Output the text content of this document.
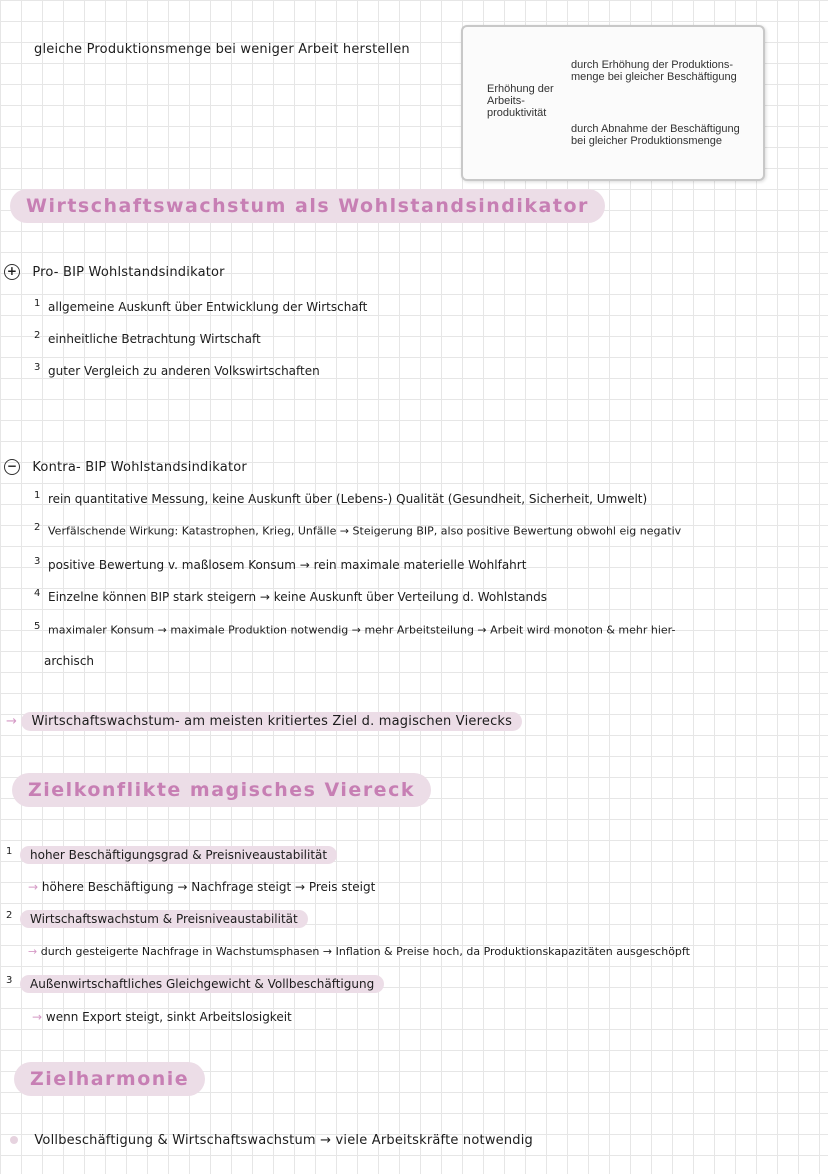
gleiche Produktionsmenge bei weniger Arbeit herstellen
Erhöhung der Arbeits-produktivität
durch Erhöhung der Produktions-menge bei gleicher Beschäftigung
durch Abnahme der Beschäftigung bei gleicher Produktionsmenge
Wirtschaftswachstum als Wohlstandsindikator
+ Pro- BIP Wohlstandsindikator
1 allgemeine Auskunft über Entwicklung der Wirtschaft
2 einheitliche Betrachtung Wirtschaft
3 guter Vergleich zu anderen Volkswirtschaften
− Kontra- BIP Wohlstandsindikator
1 rein quantitative Messung, keine Auskunft über (Lebens-) Qualität (Gesundheit, Sicherheit, Umwelt)
2 Verfälschende Wirkung: Katastrophen, Krieg, Unfälle → Steigerung BIP, also positive Bewertung obwohl eig negativ
3 positive Bewertung v. maßlosem Konsum → rein maximale materielle Wohlfahrt
4 Einzelne können BIP stark steigern → keine Auskunft über Verteilung d. Wohlstands
5 maximaler Konsum → maximale Produktion notwendig → mehr Arbeitsteilung → Arbeit wird monoton & mehr hier-
archisch
→ Wirtschaftswachstum- am meisten kritiertes Ziel d. magischen Vierecks
Zielkonflikte magisches Viereck
1 hoher Beschäftigungsgrad & Preisniveaustabilität
→ höhere Beschäftigung → Nachfrage steigt → Preis steigt
2 Wirtschaftswachstum & Preisniveaustabilität
→ durch gesteigerte Nachfrage in Wachstumsphasen → Inflation & Preise hoch, da Produktionskapazitäten ausgeschöpft
3 Außenwirtschaftliches Gleichgewicht & Vollbeschäftigung
→ wenn Export steigt, sinkt Arbeitslosigkeit
Zielharmonie
Vollbeschäftigung & Wirtschaftswachstum → viele Arbeitskräfte notwendig
